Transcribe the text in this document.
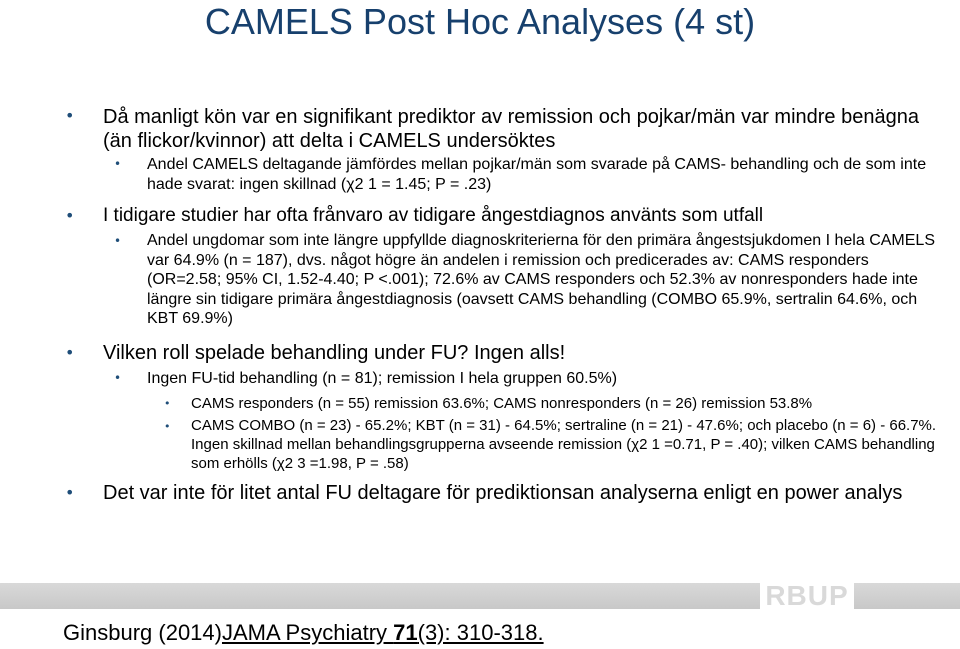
CAMELS Post Hoc Analyses (4 st)
• Då manligt kön var en signifikant prediktor av remission och pojkar/män var mindre benägna (än flickor/kvinnor) att delta i CAMELS undersöktes
• Andel CAMELS deltagande jämfördes mellan pojkar/män som svarade på CAMS- behandling och de som inte hade svarat: ingen skillnad (χ2 1 = 1.45; P = .23)
• I tidigare studier har ofta frånvaro av tidigare ångestdiagnos använts som utfall
• Andel ungdomar som inte längre uppfyllde diagnoskriterierna för den primära ångestsjukdomen I hela CAMELS var 64.9% (n = 187), dvs. något högre än andelen i remission och predicerades av: CAMS responders (OR=2.58; 95% CI, 1.52-4.40; P <.001); 72.6% av CAMS responders och 52.3% av nonresponders hade inte längre sin tidigare primära ångestdiagnosis (oavsett CAMS behandling (COMBO 65.9%, sertralin 64.6%, och KBT 69.9%)
• Vilken roll spelade behandling under FU? Ingen alls!
• Ingen FU-tid behandling (n = 81); remission I hela gruppen 60.5%)
• CAMS responders (n = 55) remission 63.6%; CAMS nonresponders (n = 26) remission 53.8%
• CAMS COMBO (n = 23) - 65.2%; KBT (n = 31) - 64.5%; sertraline (n = 21) - 47.6%; och placebo (n = 6) - 66.7%. Ingen skillnad mellan behandlingsgrupperna avseende remission (χ2 1 =0.71, P = .40); vilken CAMS behandling som erhölls (χ2 3 =1.98, P = .58)
• Det var inte för litet antal FU deltagare för prediktionsan analyserna enligt en power analys
RBUP
Ginsburg (2014)JAMA Psychiatry 71(3): 310-318.
